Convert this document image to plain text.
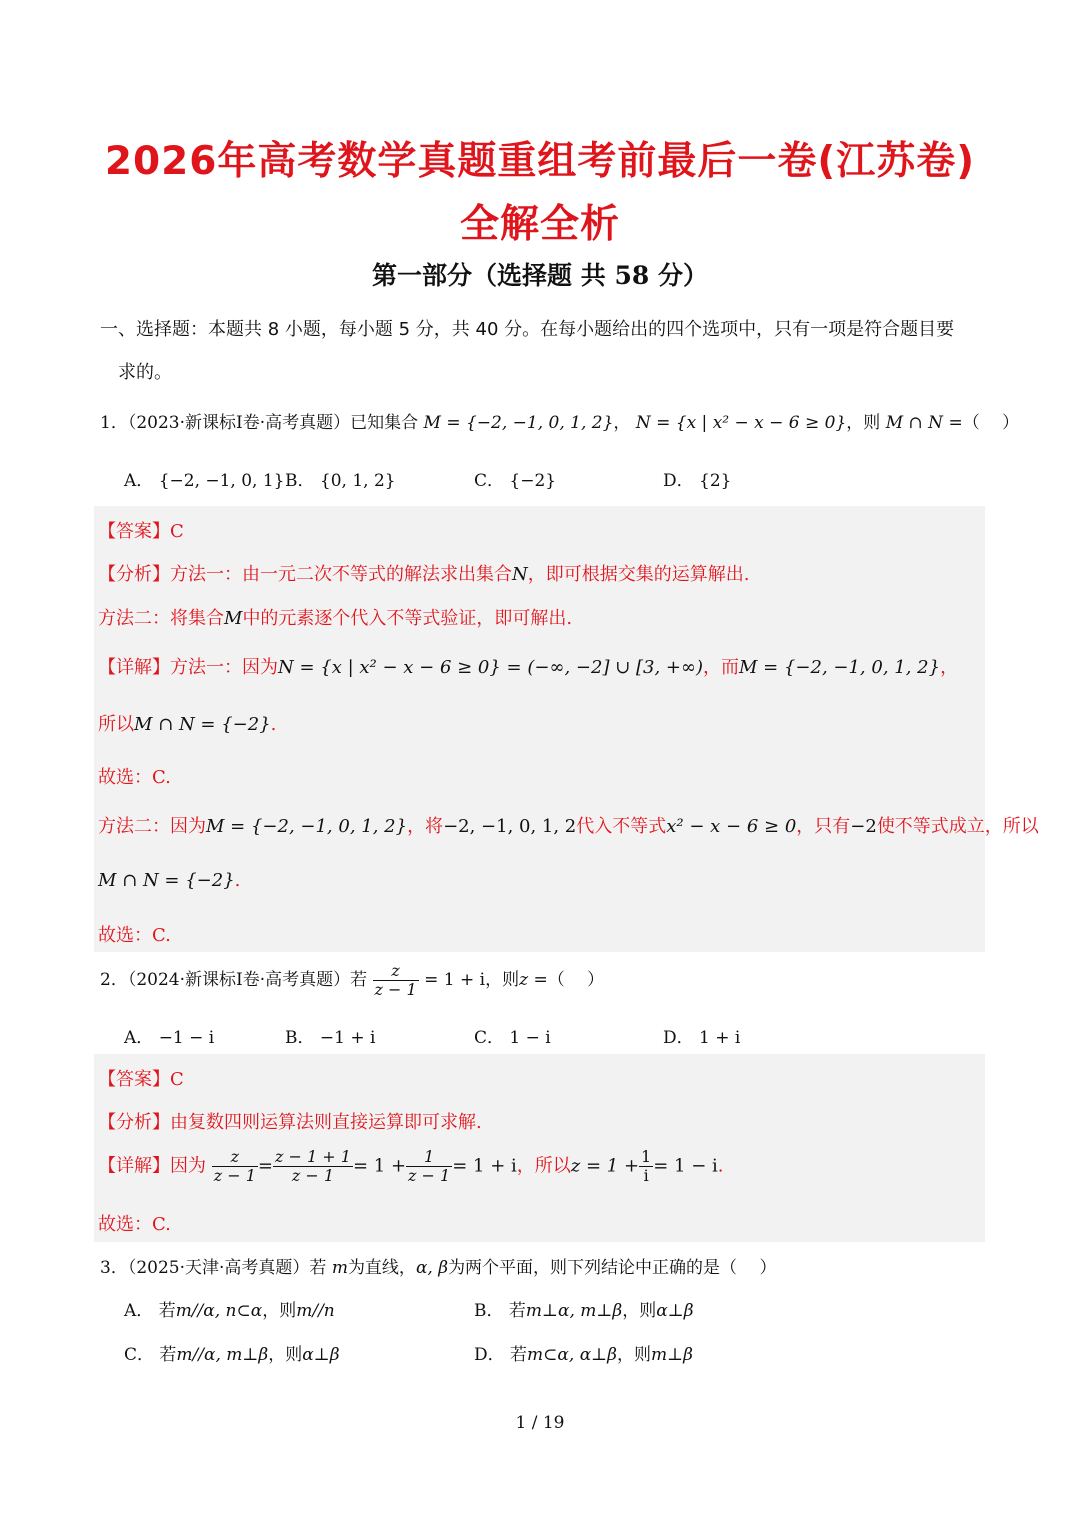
2026年高考数学真题重组考前最后一卷(江苏卷)
全解全析
第一部分（选择题 共 58 分）
一、选择题：本题共 8 小题，每小题 5 分，共 40 分。在每小题给出的四个选项中，只有一项是符合题目要
求的。
1．（2023·新课标I卷·高考真题）已知集合 M = {−2, −1, 0, 1, 2}， N = {x | x² − x − 6 ≥ 0}，则 M ∩ N =（　 ）
A． {−2, −1, 0, 1} B． {0, 1, 2}	C． {−2}	D． {2}
【答案】C
【分析】方法一：由一元二次不等式的解法求出集合N，即可根据交集的运算解出.
方法二：将集合M中的元素逐个代入不等式验证，即可解出.
【详解】方法一：因为N = {x | x² − x − 6 ≥ 0} = (−∞, −2] ∪ [3, +∞)，而M = {−2, −1, 0, 1, 2}，
所以M ∩ N = {−2}.
故选：C.
方法二：因为M = {−2, −1, 0, 1, 2}，将−2, −1, 0, 1, 2代入不等式x² − x − 6 ≥ 0，只有−2使不等式成立，所以
M ∩ N = {−2}.
故选：C.
2．（2024·新课标I卷·高考真题）若 $\frac{z}{z - 1} = 1 + i$，则z =（　 ）
A． −1 − i	B． −1 + i	C． 1 − i	D． 1 + i
【答案】C
【分析】由复数四则运算法则直接运算即可求解.
【详解】因为 $\frac{z}{z - 1} = \frac{z - 1 + 1}{z - 1} = 1 + \frac{1}{z - 1} = 1 + i$，所以$z = 1 + \frac{1}{i} = 1 - i$.
故选：C.
3．（2025·天津·高考真题）若 m为直线，α, β为两个平面，则下列结论中正确的是（　 ）
A． 若m//α, n⊂α，则m//n	B． 若m⊥α, m⊥β，则α⊥β
C． 若m//α, m⊥β，则α⊥β	D． 若m⊂α, α⊥β，则m⊥β
1 / 19
